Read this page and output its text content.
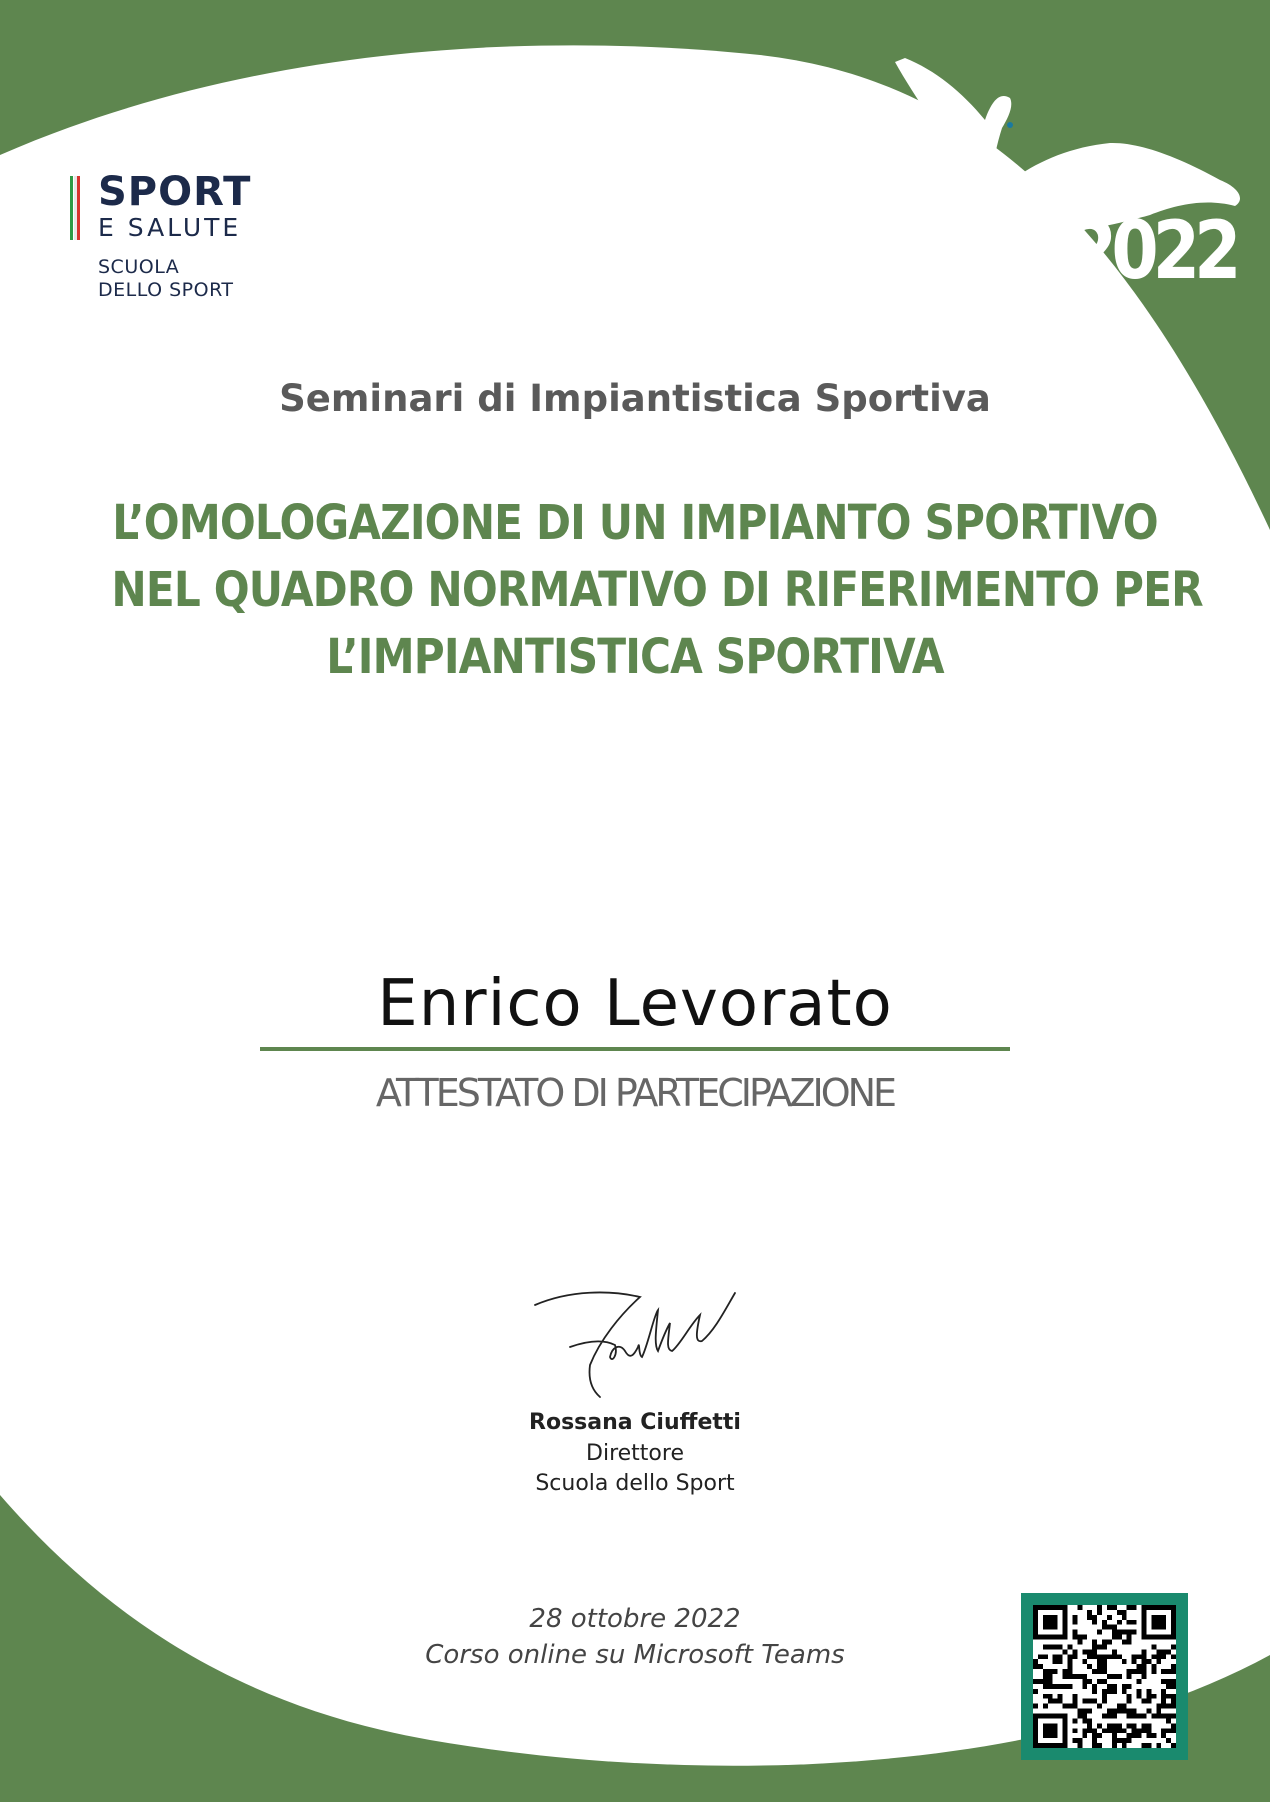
SPORT
E SALUTE
SCUOLA
DELLO SPORT	2022
Seminari di Impiantistica Sportiva
L’OMOLOGAZIONE DI UN IMPIANTO SPORTIVO
NEL QUADRO NORMATIVO DI RIFERIMENTO PER
L’IMPIANTISTICA SPORTIVA
Enrico Levorato
ATTESTATO DI PARTECIPAZIONE
Rossana Ciuffetti
Direttore
Scuola dello Sport
28 ottobre 2022
Corso online su Microsoft Teams
